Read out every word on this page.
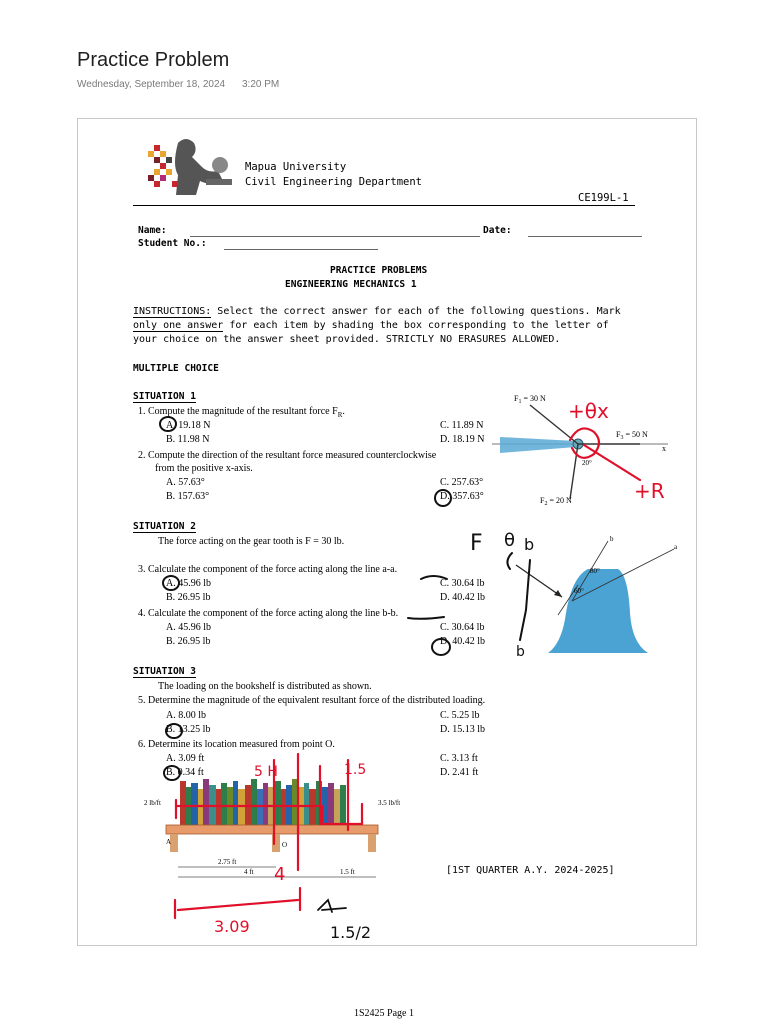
Practice Problem
Wednesday, September 18, 2024 3:20 PM
Mapua University
Civil Engineering Department
CE199L-1
Name:	Date:
Student No.:
PRACTICE PROBLEMS
ENGINEERING MECHANICS 1
INSTRUCTIONS: Select the correct answer for each of the following questions. Mark
only one answer for each item by shading the box corresponding to the letter of
your choice on the answer sheet provided. STRICTLY NO ERASURES ALLOWED.
MULTIPLE CHOICE
SITUATION 1
1. Compute the magnitude of the resultant force $F_R$.
A. 19.18 N
B. 11.98 N
C. 11.89 N
D. 18.19 N
2. Compute the direction of the resultant force measured counterclockwise
from the positive x-axis.
A. 57.63°
B. 157.63°
C. 257.63°
D. 357.63°
$F_1 = 30$ N
$F_3 = 50$ N
$F_2 = 20$ N
20°
x
SITUATION 2
The force acting on the gear tooth is F = 30 lb.
3. Calculate the component of the force acting along the line a-a.
A. 45.96 lb
B. 26.95 lb
C. 30.64 lb
D. 40.42 lb
4. Calculate the component of the force acting along the line b-b.
A. 45.96 lb
B. 26.95 lb
C. 30.64 lb
D. 40.42 lb
b
a
80°
60°
SITUATION 3
The loading on the bookshelf is distributed as shown.
5. Determine the magnitude of the equivalent resultant force of the distributed loading.
A. 8.00 lb
B. 13.25 lb
C. 5.25 lb
D. 15.13 lb
6. Determine its location measured from point O.
A. 3.09 ft
B. 0.34 ft
C. 3.13 ft
D. 2.41 ft
2 lb/ft	3.5 lb/ft
A	O
2.75 ft
4 ft	1.5 ft	[1ST QUARTER A.Y. 2024-2025]
+θx
+R
F θ b
b
5 H	1.5
4
3.09	1.5/2
1S2425 Page 1
